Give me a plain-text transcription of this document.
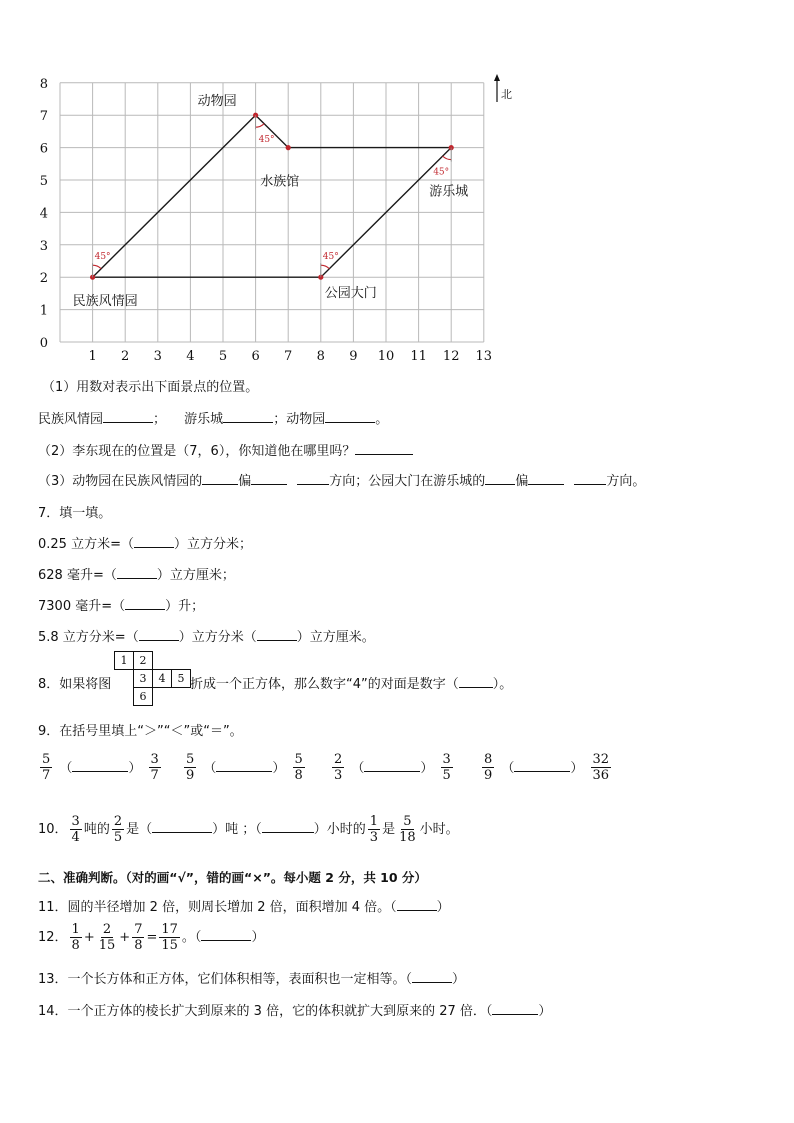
1 2 3 4 5 6 7 8 9 10 11 12 13
1
2
3
4
5
6
7
8
0
民族风情园
动物园
水族馆
游乐城
公园大门
45°	45°
45°
45°
北
（1）用数对表示出下面景点的位置。
民族风情园	； 游乐城	；动物园	。
（2）李东现在的位置是（7，6），你知道他在哪里吗？
（3）动物园在民族风情园的	偏	方向；公园大门在游乐城的 偏	方向。
7．填一填。
0.25 立方米=（	）立方分米；
628 毫升=（	）立方厘米；
7300 毫升=（	）升；
5.8 立方分米=（	）立方分米（	）立方厘米。
8．如果将图
1	2
3	4	5
6
折成一个正方体，那么数字“4”的对面是数字（	）。
9．在括号里填上“＞”“＜”或“＝”。
$\frac{5}{7}$ （	） $\frac{3}{7} \frac{5}{9}$ （	） $\frac{5}{8} \frac{2}{3}$ （	） $\frac{3}{5} \frac{8}{9}$ （	） $\frac{32}{36}$
10． $\frac{3}{4}$ 吨的 $\frac{2}{5}$ 是（	）吨 ；（	）小时的 $\frac{1}{3}$ 是 $\frac{5}{18}$ 小时。
二、准确判断。（对的画“√”，错的画“×”。每小题 2 分，共 10 分）
11．圆的半径增加 2 倍，则周长增加 2 倍，面积增加 4 倍。（	）
12． $\frac{1}{8} + \frac{2}{15} + \frac{7}{8} = \frac{17}{15}$ 。（	）
13．一个长方体和正方体，它们体积相等，表面积也一定相等。（	）
14．一个正方体的棱长扩大到原来的 3 倍，它的体积就扩大到原来的 27 倍．（	）
